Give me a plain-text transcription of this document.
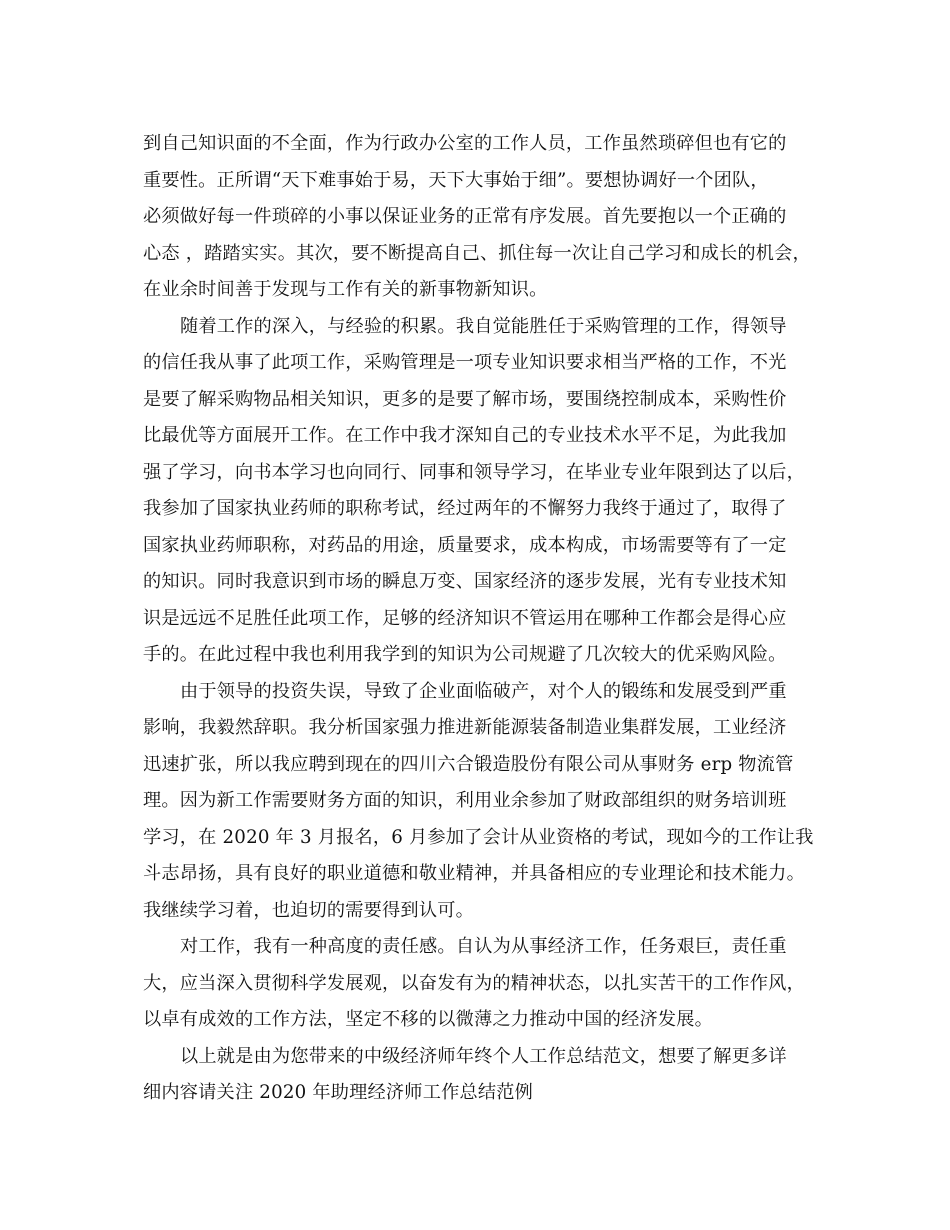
到自己知识面的不全面，作为行政办公室的工作人员，工作虽然琐碎但也有它的
重要性。正所谓“天下难事始于易，天下大事始于细”。要想协调好一个团队，
必须做好每一件琐碎的小事以保证业务的正常有序发展。首先要抱以一个正确的
心态 ，踏踏实实。其次，要不断提高自己、抓住每一次让自己学习和成长的机会，
在业余时间善于发现与工作有关的新事物新知识。
随着工作的深入，与经验的积累。我自觉能胜任于采购管理的工作，得领导
的信任我从事了此项工作，采购管理是一项专业知识要求相当严格的工作，不光
是要了解采购物品相关知识，更多的是要了解市场，要围绕控制成本，采购性价
比最优等方面展开工作。在工作中我才深知自己的专业技术水平不足，为此我加
强了学习，向书本学习也向同行、同事和领导学习，在毕业专业年限到达了以后，
我参加了国家执业药师的职称考试，经过两年的不懈努力我终于通过了，取得了
国家执业药师职称，对药品的用途，质量要求，成本构成，市场需要等有了一定
的知识。同时我意识到市场的瞬息万变、国家经济的逐步发展，光有专业技术知
识是远远不足胜任此项工作，足够的经济知识不管运用在哪种工作都会是得心应
手的。在此过程中我也利用我学到的知识为公司规避了几次较大的优采购风险。
由于领导的投资失误，导致了企业面临破产，对个人的锻练和发展受到严重
影响，我毅然辞职。我分析国家强力推进新能源装备制造业集群发展，工业经济
迅速扩张，所以我应聘到现在的四川六合锻造股份有限公司从事财务 erp 物流管
理。因为新工作需要财务方面的知识，利用业余参加了财政部组织的财务培训班
学习，在 2020 年 3 月报名，6 月参加了会计从业资格的考试，现如今的工作让我
斗志昂扬，具有良好的职业道德和敬业精神，并具备相应的专业理论和技术能力。
我继续学习着，也迫切的需要得到认可。
对工作，我有一种高度的责任感。自认为从事经济工作，任务艰巨，责任重
大，应当深入贯彻科学发展观，以奋发有为的精神状态，以扎实苦干的工作作风，
以卓有成效的工作方法，坚定不移的以微薄之力推动中国的经济发展。
以上就是由为您带来的中级经济师年终个人工作总结范文，想要了解更多详
细内容请关注 2020 年助理经济师工作总结范例
